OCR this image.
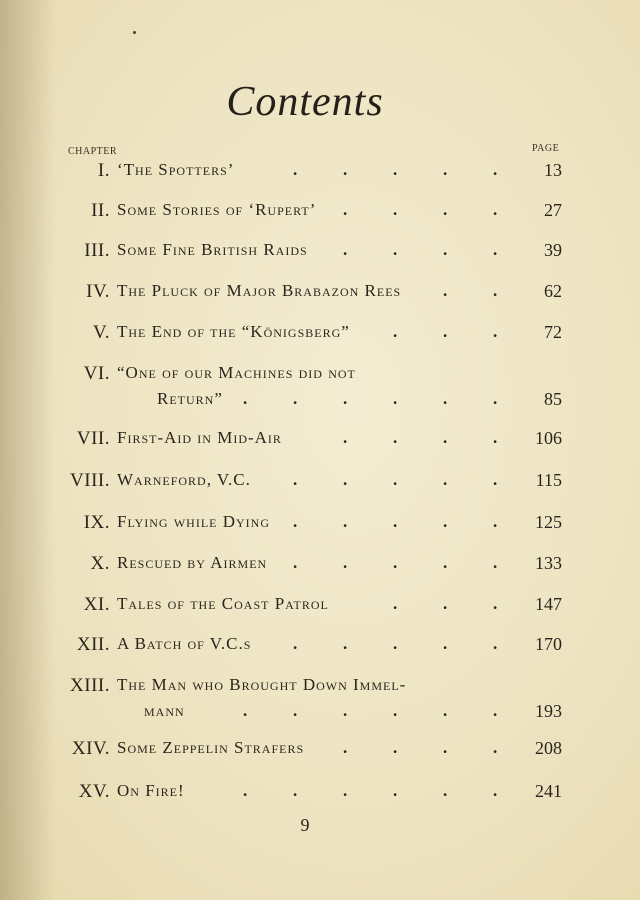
Contents
CHAPTER	PAGE
I. ‘The Spotters’	13
.	.	.	.	.
II. Some Stories of ‘Rupert’	27
.	.	.	.
III. Some Fine British Raids	39
.	.	.	.
IV. The Pluck of Major Brabazon Rees	62
.	.
V. The End of the “Königsberg”	72
.	.	.
VI. “One of our Machines did not
Return”	85
.	.	.	.	.	.
VII. First-Aid in Mid-Air	106
.	.	.	.
VIII. Warneford, V.C.	115
.	.	.	.	.
IX. Flying while Dying	125
.	.	.	.	.
X. Rescued by Airmen	133
.	.	.	.	.
XI. Tales of the Coast Patrol	147
.	.	.
XII. A Batch of V.C.s	170
.	.	.	.	.
XIII. The Man who Brought Down Immel-
mann	193
.	.	.	.	.	.
XIV. Some Zeppelin Strafers	208
.	.	.	.
XV. On Fire!	241
.	.	.	.	.	.
9
